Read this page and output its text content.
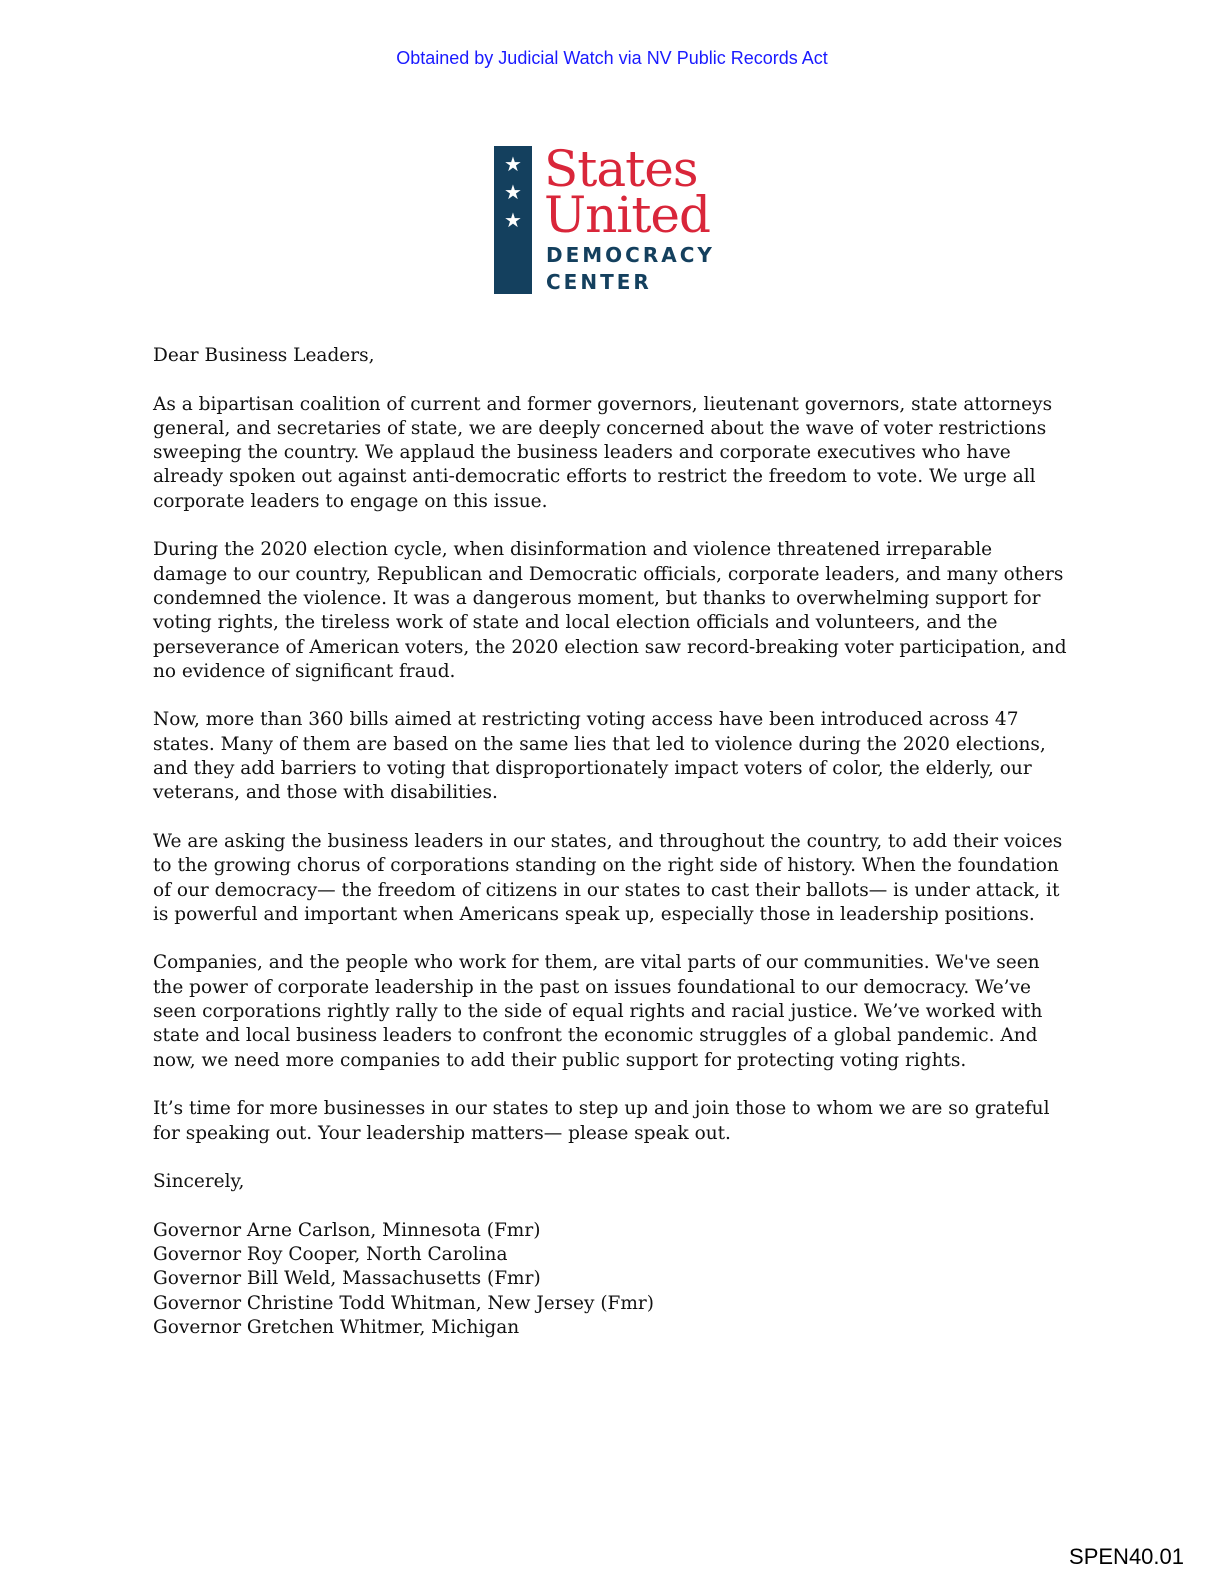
Obtained by Judicial Watch via NV Public Records Act
★
★
★
States
United
DEMOCRACY
CENTER

Dear Business Leaders,

As a bipartisan coalition of current and former governors, lieutenant governors, state attorneys general, and secretaries of state, we are deeply concerned about the wave of voter restrictions sweeping the country. We applaud the business leaders and corporate executives who have already spoken out against anti-democratic efforts to restrict the freedom to vote. We urge all corporate leaders to engage on this issue.

During the 2020 election cycle, when disinformation and violence threatened irreparable damage to our country, Republican and Democratic officials, corporate leaders, and many others condemned the violence. It was a dangerous moment, but thanks to overwhelming support for voting rights, the tireless work of state and local election officials and volunteers, and the perseverance of American voters, the 2020 election saw record-breaking voter participation, and no evidence of significant fraud.

Now, more than 360 bills aimed at restricting voting access have been introduced across 47 states. Many of them are based on the same lies that led to violence during the 2020 elections, and they add barriers to voting that disproportionately impact voters of color, the elderly, our veterans, and those with disabilities.

We are asking the business leaders in our states, and throughout the country, to add their voices to the growing chorus of corporations standing on the right side of history. When the foundation of our democracy— the freedom of citizens in our states to cast their ballots— is under attack, it is powerful and important when Americans speak up, especially those in leadership positions.

Companies, and the people who work for them, are vital parts of our communities. We've seen the power of corporate leadership in the past on issues foundational to our democracy. We’ve seen corporations rightly rally to the side of equal rights and racial justice. We’ve worked with state and local business leaders to confront the economic struggles of a global pandemic. And now, we need more companies to add their public support for protecting voting rights.

It’s time for more businesses in our states to step up and join those to whom we are so grateful for speaking out. Your leadership matters— please speak out.

Sincerely,

Governor Arne Carlson, Minnesota (Fmr)
Governor Roy Cooper, North Carolina
Governor Bill Weld, Massachusetts (Fmr)
Governor Christine Todd Whitman, New Jersey (Fmr)
Governor Gretchen Whitmer, Michigan
SPEN40.01
